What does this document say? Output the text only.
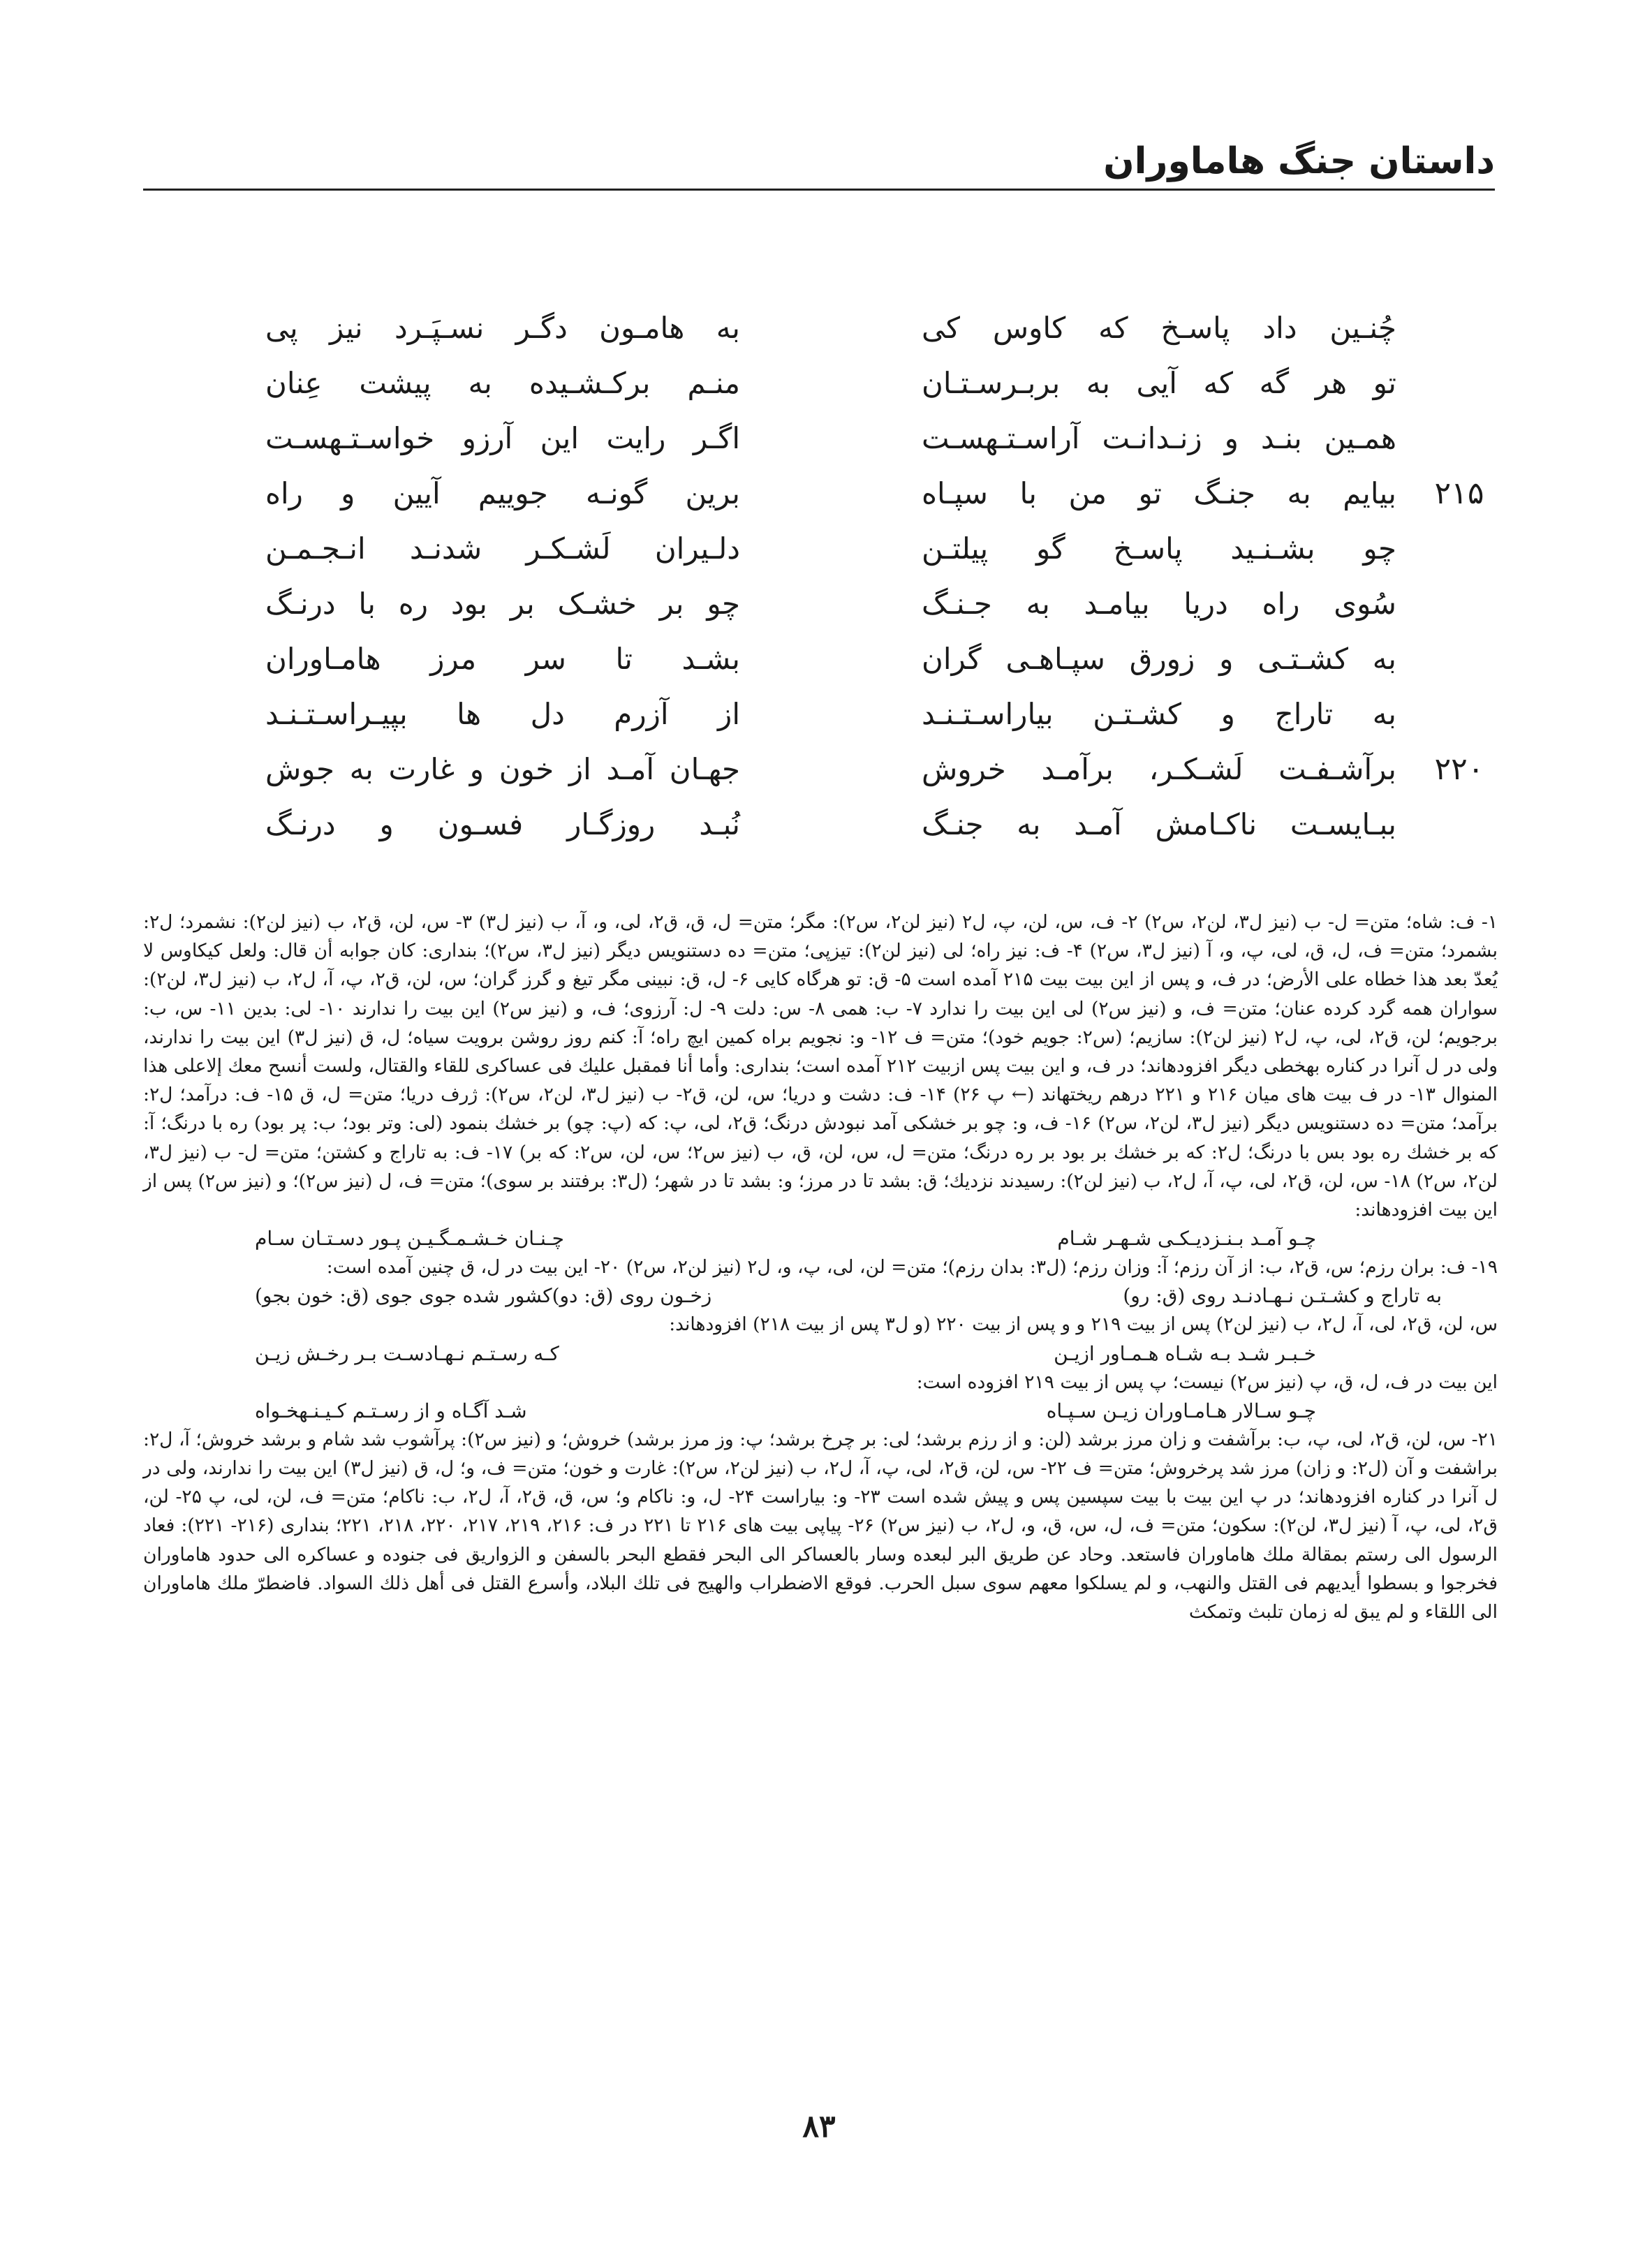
داستان جنگ هاماوران
چُنـین داد پاسـخ که کاوس کی
به هامـون دگـر نسـپَـرد نیز پی
تو هر گه که آیی به بربـرسـتـان
منـم برکـشـیده به پیشت عِنان
همـین بنـد و زنـدانـت آراسـتـهسـت
اگـر رایت این آرزو خواسـتـهسـت
۲۱۵
بیایم به جنـگ تو من با سپـاه
برین گونـه جوییم آیین و راه
چو بشـنـید پاسـخ گو پیلتـن
دلـیران لَشـکـر شدنـد انـجـمـن
سُوی راه دریا بیامـد به جـنـگ
چو بر خشـک بر بود ره با درنـگ
به کشـتـی و زورق سپـاهـی گران
بشـد تا سر مرز هامـاوران
به تاراج و کشـتـن بیاراسـتـنـد
از آزرم دل ها بپیـراسـتـنـد
۲۲۰
برآشـفـت لَشـکـر، برآمـد خروش
جهـان آمـد از خون و غارت به جوش
ببـایسـت ناکـامش آمـد به جنـگ
نُبـد روزگـار فسـون و درنـگ

۱- ف: شاه؛ متن= ل- ب (نیز ل۳، لن۲، س۲) ۲- ف، س، لن، پ، ل۲ (نیز لن۲، س۲): مگر؛ متن= ل، ق، ق۲، لی، و، آ، ب (نیز ل۳) ۳- س، لن، ق۲، ب (نیز لن۲): نشمرد؛ ل۲: بشمرد؛ متن= ف، ل، ق، لی، پ، و، آ (نیز ل۳، س۲) ۴- ف: نیز راه؛ لی (نیز لن۲): تیزپی؛ متن= ده دستنویس دیگر (نیز ل۳، س۲)؛ بنداری: کان جوابه أن قال: ولعل کیکاوس لا یُعدّ بعد هذا خطاه علی الأرض؛ در ف، و پس از این بیت بیت ۲۱۵ آمده است ۵- ق: تو هرگاه کایی ۶- ل، ق: نبینی مگر تیغ و گرز گران؛ س، لن، ق۲، پ، آ، ل۲، ب (نیز ل۳، لن۲): سواران همه گرد کرده عنان؛ متن= ف، و (نیز س۲) لی این بیت را ندارد ۷- ب: همی ۸- س: دلت ۹- ل: آرزوی؛ ف، و (نیز س۲) این بیت را ندارند ۱۰- لی: بدین ۱۱- س، ب: برجویم؛ لن، ق۲، لی، پ، ل۲ (نیز لن۲): سازیم؛ (س۲: جویم خود)؛ متن= ف ۱۲- و: نجویم براه کمین ایچ راه؛ آ: کنم روز روشن برویت سیاه؛ ل، ق (نیز ل۳) این بیت را ندارند، ولی در ل آنرا در کناره بهخطی دیگر افزودهاند؛ در ف، و این بیت پس ازبیت ۲۱۲ آمده است؛ بنداری: وأما أنا فمقبل علیك فی عساکری للقاء والقتال، ولست أنسح معك إلاعلی هذا المنوال ۱۳- در ف بیت های میان ۲۱۶ و ۲۲۱ درهم ریختهاند (← پ ۲۶) ۱۴- ف: دشت و دریا؛ س، لن، ق۲- ب (نیز ل۳، لن۲، س۲): ژرف دریا؛ متن= ل، ق ۱۵- ف: درآمد؛ ل۲: برآمد؛ متن= ده دستنویس دیگر (نیز ل۳، لن۲، س۲) ۱۶- ف، و: چو بر خشکی آمد نبودش درنگ؛ ق۲، لی، پ: که (پ: چو) بر خشك بنمود (لی: وتر بود؛ ب: پر بود) ره با درنگ؛ آ: که بر خشك ره بود بس با درنگ؛ ل۲: که بر خشك بر بود بر ره درنگ؛ متن= ل، س، لن، ق، ب (نیز س۲؛ س، لن، س۲: که بر) ۱۷- ف: به تاراج و کشتن؛ متن= ل- ب (نیز ل۳، لن۲، س۲) ۱۸- س، لن، ق۲، لی، پ، آ، ل۲، ب (نیز لن۲): رسیدند نزدیك؛ ق: بشد تا در مرز؛ و: بشد تا در شهر؛ (ل۳: برفتند بر سوی)؛ متن= ف، ل (نیز س۲)؛ و (نیز س۲) پس از این بیت افزودهاند:

چـو آمـد بـنـزدیـکـی شـهـر شـام
چـنـان خـشـمـگـیـن پـور دسـتـان سـام

۱۹- ف: بران رزم؛ س، ق۲، ب: از آن رزم؛ آ: وزان رزم؛ (ل۳: بدان رزم)؛ متن= لن، لی، پ، و، ل۲ (نیز لن۲، س۲) ۲۰- این بیت در ل، ق چنین آمده است:

به تاراج و کشـتـن نـهـادنـد روی (ق: رو)
زخـون روی (ق: دو)کشور شده جوی جوی (ق: خون بجو)

س، لن، ق۲، لی، آ، ل۲، ب (نیز لن۲) پس از بیت ۲۱۹ و و پس از بیت ۲۲۰ (و ل۳ پس از بیت ۲۱۸) افزودهاند:

خـبـر شـد بـه شـاه هـمـاور ازیـن
کـه رسـتـم نـهـادسـت بـر رخـش زیـن

این بیت در ف، ل، ق، پ (نیز س۲) نیست؛ پ پس از بیت ۲۱۹ افزوده است:

چـو سـالار هـامـاوران زیـن سـپـاه
شـد آگـاه و از رسـتـم کـیـنـهخـواه

۲۱- س، لن، ق۲، لی، پ، ب: برآشفت و زان مرز برشد (لن: و از رزم برشد؛ لی: بر چرخ برشد؛ پ: وز مرز برشد) خروش؛ و (نیز س۲): پرآشوب شد شام و برشد خروش؛ آ، ل۲: براشفت و آن (ل۲: و زان) مرز شد پرخروش؛ متن= ف ۲۲- س، لن، ق۲، لی، پ، آ، ل۲، ب (نیز لن۲، س۲): غارت و خون؛ متن= ف، و؛ ل، ق (نیز ل۳) این بیت را ندارند، ولی در ل آنرا در کناره افزودهاند؛ در پ این بیت با بیت سپسین پس و پیش شده است ۲۳- و: بیاراست ۲۴- ل، و: ناکام و؛ س، ق، ق۲، آ، ل۲، ب: ناکام؛ متن= ف، لن، لی، پ ۲۵- لن، ق۲، لی، پ، آ (نیز ل۳، لن۲): سکون؛ متن= ف، ل، س، ق، و، ل۲، ب (نیز س۲) ۲۶- پیاپی بیت های ۲۱۶ تا ۲۲۱ در ف: ۲۱۶، ۲۱۹، ۲۱۷، ۲۲۰، ۲۱۸، ۲۲۱؛ بنداری (۲۱۶- ۲۲۱): فعاد الرسول الی رستم بمقالة ملك هاماوران فاستعد. وحاد عن طریق البر لبعده وسار بالعساکر الی البحر فقطع البحر بالسفن و الزواریق فی جنوده و عساکره الی حدود هاماوران فخرجوا و بسطوا أیدیهم فی القتل والنهب، و لم یسلکوا معهم سوی سبل الحرب. فوقع الاضطراب والهیج فی تلك البلاد، وأسرع القتل فی أهل ذلك السواد. فاضطرّ ملك هاماوران الی اللقاء و لم یبق له زمان تلبث وتمکث

۸۳
